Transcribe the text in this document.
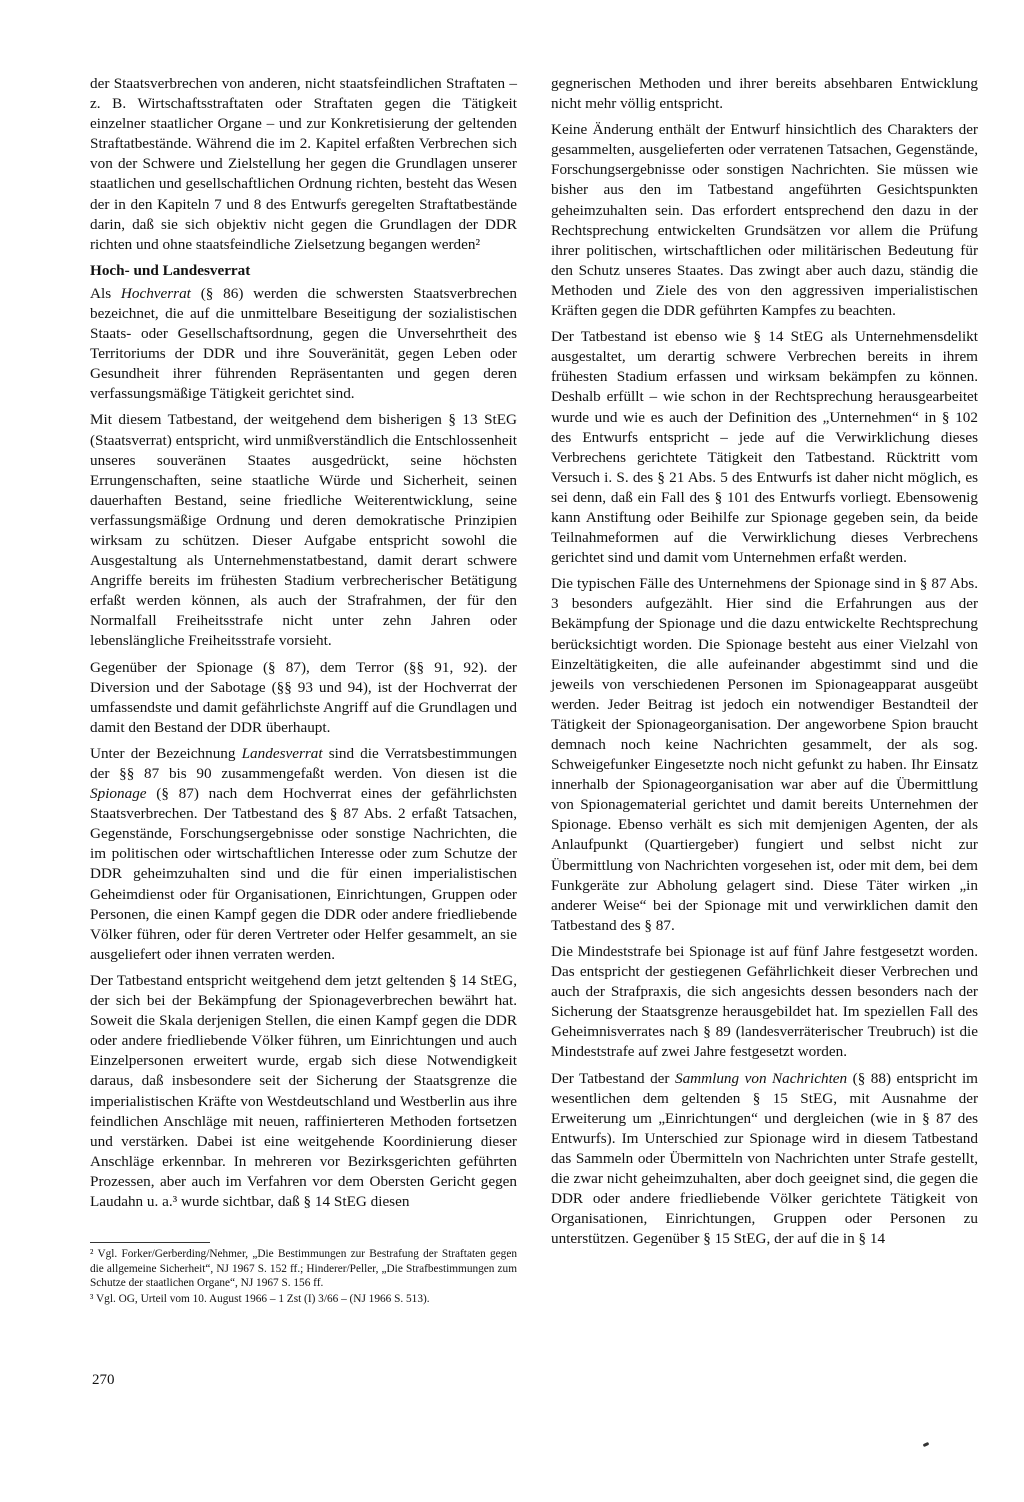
der Staatsverbrechen von anderen, nicht staatsfeindlichen Straftaten – z. B. Wirtschaftsstraftaten oder Straftaten gegen die Tätigkeit einzelner staatlicher Organe – und zur Konkretisierung der geltenden Straftatbestände. Während die im 2. Kapitel erfaßten Verbrechen sich von der Schwere und Zielstellung her gegen die Grundlagen unserer staatlichen und gesellschaftlichen Ordnung richten, besteht das Wesen der in den Kapiteln 7 und 8 des Entwurfs geregelten Straftatbestände darin, daß sie sich objektiv nicht gegen die Grundlagen der DDR richten und ohne staatsfeindliche Zielsetzung begangen werden²

Hoch- und Landesverrat

Als Hochverrat (§ 86) werden die schwersten Staatsverbrechen bezeichnet, die auf die unmittelbare Beseitigung der sozialistischen Staats- oder Gesellschaftsordnung, gegen die Unversehrtheit des Territoriums der DDR und ihre Souveränität, gegen Leben oder Gesundheit ihrer führenden Repräsentanten und gegen deren verfassungsmäßige Tätigkeit gerichtet sind.

Mit diesem Tatbestand, der weitgehend dem bisherigen § 13 StEG (Staatsverrat) entspricht, wird unmißverständlich die Entschlossenheit unseres souveränen Staates ausgedrückt, seine höchsten Errungenschaften, seine staatliche Würde und Sicherheit, seinen dauerhaften Bestand, seine friedliche Weiterentwicklung, seine verfassungsmäßige Ordnung und deren demokratische Prinzipien wirksam zu schützen. Dieser Aufgabe entspricht sowohl die Ausgestaltung als Unternehmenstatbestand, damit derart schwere Angriffe bereits im frühesten Stadium verbrecherischer Betätigung erfaßt werden können, als auch der Strafrahmen, der für den Normalfall Freiheitsstrafe nicht unter zehn Jahren oder lebenslängliche Freiheitsstrafe vorsieht.

Gegenüber der Spionage (§ 87), dem Terror (§§ 91, 92). der Diversion und der Sabotage (§§ 93 und 94), ist der Hochverrat der umfassendste und damit gefährlichste Angriff auf die Grundlagen und damit den Bestand der DDR überhaupt.

Unter der Bezeichnung Landesverrat sind die Verratsbestimmungen der §§ 87 bis 90 zusammengefaßt werden. Von diesen ist die Spionage (§ 87) nach dem Hochverrat eines der gefährlichsten Staatsverbrechen. Der Tatbestand des § 87 Abs. 2 erfaßt Tatsachen, Gegenstände, Forschungsergebnisse oder sonstige Nachrichten, die im politischen oder wirtschaftlichen Interesse oder zum Schutze der DDR geheimzuhalten sind und die für einen imperialistischen Geheimdienst oder für Organisationen, Einrichtungen, Gruppen oder Personen, die einen Kampf gegen die DDR oder andere friedliebende Völker führen, oder für deren Vertreter oder Helfer gesammelt, an sie ausgeliefert oder ihnen verraten werden.

Der Tatbestand entspricht weitgehend dem jetzt geltenden § 14 StEG, der sich bei der Bekämpfung der Spionageverbrechen bewährt hat. Soweit die Skala derjenigen Stellen, die einen Kampf gegen die DDR oder andere friedliebende Völker führen, um Einrichtungen und auch Einzelpersonen erweitert wurde, ergab sich diese Notwendigkeit daraus, daß insbesondere seit der Sicherung der Staatsgrenze die imperialistischen Kräfte von Westdeutschland und Westberlin aus ihre feindlichen Anschläge mit neuen, raffinierteren Methoden fortsetzen und verstärken. Dabei ist eine weitgehende Koordinierung dieser Anschläge erkennbar. In mehreren vor Bezirksgerichten geführten Prozessen, aber auch im Verfahren vor dem Obersten Gericht gegen Laudahn u. a.³ wurde sichtbar, daß § 14 StEG diesen

² Vgl. Forker/Gerberding/Nehmer, „Die Bestimmungen zur Bestrafung der Straftaten gegen die allgemeine Sicherheit“, NJ 1967 S. 152 ff.; Hinderer/Peller, „Die Strafbestimmungen zum Schutze der staatlichen Organe“, NJ 1967 S. 156 ff.

³ Vgl. OG, Urteil vom 10. August 1966 – 1 Zst (I) 3/66 – (NJ 1966 S. 513).

270

gegnerischen Methoden und ihrer bereits absehbaren Entwicklung nicht mehr völlig entspricht.

Keine Änderung enthält der Entwurf hinsichtlich des Charakters der gesammelten, ausgelieferten oder verratenen Tatsachen, Gegenstände, Forschungsergebnisse oder sonstigen Nachrichten. Sie müssen wie bisher aus den im Tatbestand angeführten Gesichtspunkten geheimzuhalten sein. Das erfordert entsprechend den dazu in der Rechtsprechung entwickelten Grundsätzen vor allem die Prüfung ihrer politischen, wirtschaftlichen oder militärischen Bedeutung für den Schutz unseres Staates. Das zwingt aber auch dazu, ständig die Methoden und Ziele des von den aggressiven imperialistischen Kräften gegen die DDR geführten Kampfes zu beachten.

Der Tatbestand ist ebenso wie § 14 StEG als Unternehmensdelikt ausgestaltet, um derartig schwere Verbrechen bereits in ihrem frühesten Stadium erfassen und wirksam bekämpfen zu können. Deshalb erfüllt – wie schon in der Rechtsprechung herausgearbeitet wurde und wie es auch der Definition des „Unternehmen“ in § 102 des Entwurfs entspricht – jede auf die Verwirklichung dieses Verbrechens gerichtete Tätigkeit den Tatbestand. Rücktritt vom Versuch i. S. des § 21 Abs. 5 des Entwurfs ist daher nicht möglich, es sei denn, daß ein Fall des § 101 des Entwurfs vorliegt. Ebensowenig kann Anstiftung oder Beihilfe zur Spionage gegeben sein, da beide Teilnahmeformen auf die Verwirklichung dieses Verbrechens gerichtet sind und damit vom Unternehmen erfaßt werden.

Die typischen Fälle des Unternehmens der Spionage sind in § 87 Abs. 3 besonders aufgezählt. Hier sind die Erfahrungen aus der Bekämpfung der Spionage und die dazu entwickelte Rechtsprechung berücksichtigt worden. Die Spionage besteht aus einer Vielzahl von Einzeltätigkeiten, die alle aufeinander abgestimmt sind und die jeweils von verschiedenen Personen im Spionageapparat ausgeübt werden. Jeder Beitrag ist jedoch ein notwendiger Bestandteil der Tätigkeit der Spionageorganisation. Der angeworbene Spion braucht demnach noch keine Nachrichten gesammelt, der als sog. Schweigefunker Eingesetzte noch nicht gefunkt zu haben. Ihr Einsatz innerhalb der Spionageorganisation war aber auf die Übermittlung von Spionagematerial gerichtet und damit bereits Unternehmen der Spionage. Ebenso verhält es sich mit demjenigen Agenten, der als Anlaufpunkt (Quartiergeber) fungiert und selbst nicht zur Übermittlung von Nachrichten vorgesehen ist, oder mit dem, bei dem Funkgeräte zur Abholung gelagert sind. Diese Täter wirken „in anderer Weise“ bei der Spionage mit und verwirklichen damit den Tatbestand des § 87.

Die Mindeststrafe bei Spionage ist auf fünf Jahre festgesetzt worden. Das entspricht der gestiegenen Gefährlichkeit dieser Verbrechen und auch der Strafpraxis, die sich angesichts dessen besonders nach der Sicherung der Staatsgrenze herausgebildet hat. Im speziellen Fall des Geheimnisverrates nach § 89 (landesverräterischer Treubruch) ist die Mindeststrafe auf zwei Jahre festgesetzt worden.

Der Tatbestand der Sammlung von Nachrichten (§ 88) entspricht im wesentlichen dem geltenden § 15 StEG, mit Ausnahme der Erweiterung um „Einrichtungen“ und dergleichen (wie in § 87 des Entwurfs). Im Unterschied zur Spionage wird in diesem Tatbestand das Sammeln oder Übermitteln von Nachrichten unter Strafe gestellt, die zwar nicht geheimzuhalten, aber doch geeignet sind, die gegen die DDR oder andere friedliebende Völker gerichtete Tätigkeit von Organisationen, Einrichtungen, Gruppen oder Personen zu unterstützen. Gegenüber § 15 StEG, der auf die in § 14
